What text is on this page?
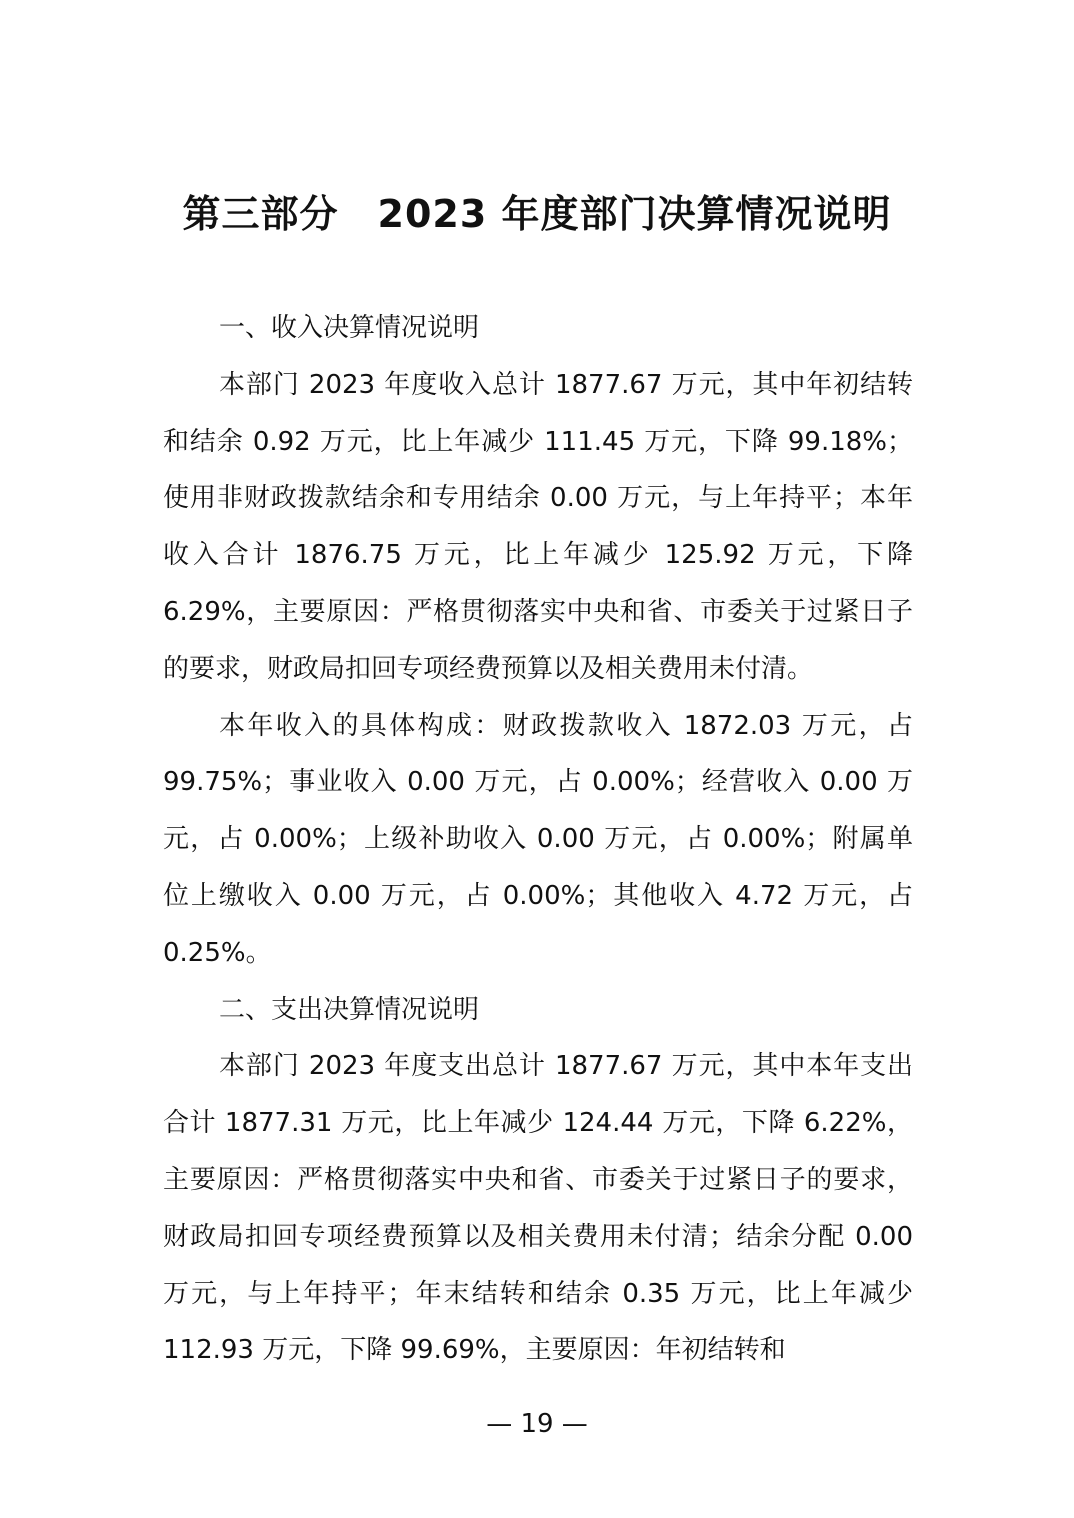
第三部分　2023 年度部门决算情况说明

一、收入决算情况说明

本部门 2023 年度收入总计 1877.67 万元，其中年初结转和结余 0.92 万元，比上年减少 111.45 万元，下降 99.18%；使用非财政拨款结余和专用结余 0.00 万元，与上年持平；本年收入合计 1876.75 万元，比上年减少 125.92 万元，下降 6.29%，主要原因：严格贯彻落实中央和省、市委关于过紧日子的要求，财政局扣回专项经费预算以及相关费用未付清。

本年收入的具体构成：财政拨款收入 1872.03 万元，占 99.75%；事业收入 0.00 万元，占 0.00%；经营收入 0.00 万元，占 0.00%；上级补助收入 0.00 万元，占 0.00%；附属单位上缴收入 0.00 万元，占 0.00%；其他收入 4.72 万元，占 0.25%。

二、支出决算情况说明

本部门 2023 年度支出总计 1877.67 万元，其中本年支出合计 1877.31 万元，比上年减少 124.44 万元，下降 6.22%，主要原因：严格贯彻落实中央和省、市委关于过紧日子的要求，财政局扣回专项经费预算以及相关费用未付清；结余分配 0.00 万元，与上年持平；年末结转和结余 0.35 万元，比上年减少 112.93 万元，下降 99.69%，主要原因：年初结转和

— 19 —
